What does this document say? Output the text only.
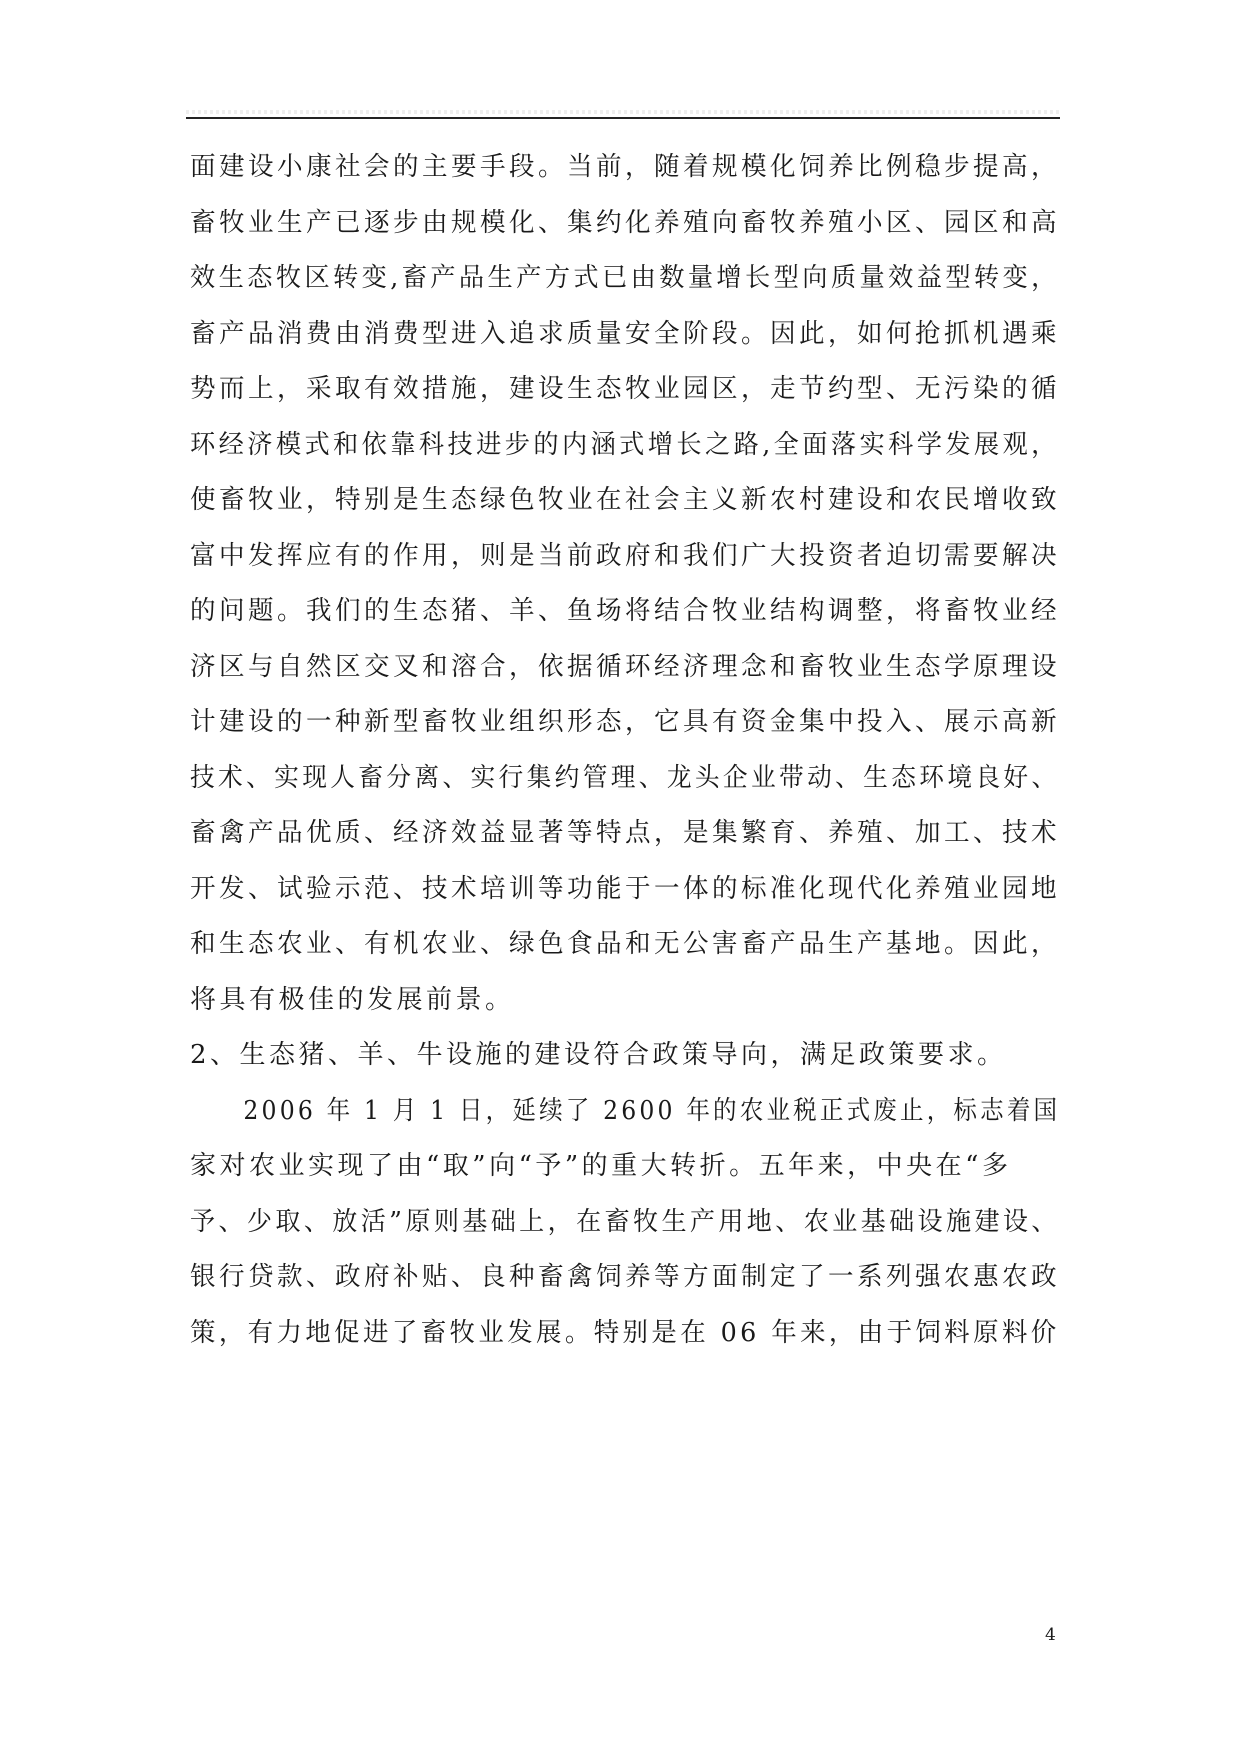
面建设小康社会的主要手段。当前，随着规模化饲养比例稳步提高，
畜牧业生产已逐步由规模化、集约化养殖向畜牧养殖小区、园区和高
效生态牧区转变,畜产品生产方式已由数量增长型向质量效益型转变，
畜产品消费由消费型进入追求质量安全阶段。因此，如何抢抓机遇乘
势而上，采取有效措施，建设生态牧业园区，走节约型、无污染的循
环经济模式和依靠科技进步的内涵式增长之路,全面落实科学发展观，
使畜牧业，特别是生态绿色牧业在社会主义新农村建设和农民增收致
富中发挥应有的作用，则是当前政府和我们广大投资者迫切需要解决
的问题。我们的生态猪、羊、鱼场将结合牧业结构调整，将畜牧业经
济区与自然区交叉和溶合，依据循环经济理念和畜牧业生态学原理设
计建设的一种新型畜牧业组织形态，它具有资金集中投入、展示高新
技术、实现人畜分离、实行集约管理、龙头企业带动、生态环境良好、
畜禽产品优质、经济效益显著等特点，是集繁育、养殖、加工、技术
开发、试验示范、技术培训等功能于一体的标准化现代化养殖业园地
和生态农业、有机农业、绿色食品和无公害畜产品生产基地。因此，
将具有极佳的发展前景。
2、生态猪、羊、牛设施的建设符合政策导向，满足政策要求。
　　2006 年 1 月 1 日，延续了 2600 年的农业税正式废止，标志着国
家对农业实现了由“取”向“予”的重大转折。五年来，中央在“多
予、少取、放活”原则基础上，在畜牧生产用地、农业基础设施建设、
银行贷款、政府补贴、良种畜禽饲养等方面制定了一系列强农惠农政
策，有力地促进了畜牧业发展。特别是在 06 年来，由于饲料原料价
4
